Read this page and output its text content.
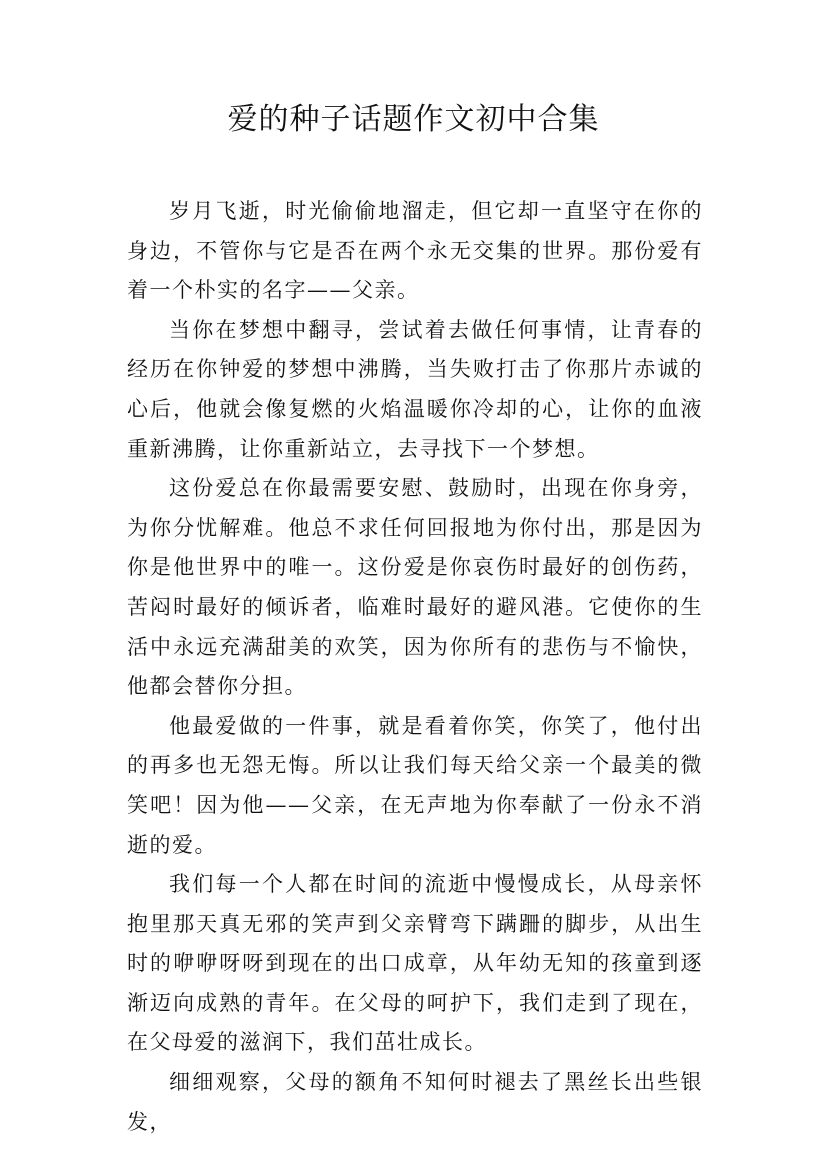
爱的种子话题作文初中合集

岁月飞逝，时光偷偷地溜走，但它却一直坚守在你的身边，不管你与它是否在两个永无交集的世界。那份爱有着一个朴实的名字——父亲。

当你在梦想中翻寻，尝试着去做任何事情，让青春的经历在你钟爱的梦想中沸腾，当失败打击了你那片赤诚的心后，他就会像复燃的火焰温暖你冷却的心，让你的血液重新沸腾，让你重新站立，去寻找下一个梦想。

这份爱总在你最需要安慰、鼓励时，出现在你身旁，为你分忧解难。他总不求任何回报地为你付出，那是因为你是他世界中的唯一。这份爱是你哀伤时最好的创伤药，苦闷时最好的倾诉者，临难时最好的避风港。它使你的生活中永远充满甜美的欢笑，因为你所有的悲伤与不愉快，他都会替你分担。

他最爱做的一件事，就是看着你笑，你笑了，他付出的再多也无怨无悔。所以让我们每天给父亲一个最美的微笑吧！因为他——父亲，在无声地为你奉献了一份永不消逝的爱。

我们每一个人都在时间的流逝中慢慢成长，从母亲怀抱里那天真无邪的笑声到父亲臂弯下蹒跚的脚步，从出生时的咿咿呀呀到现在的出口成章，从年幼无知的孩童到逐渐迈向成熟的青年。在父母的呵护下，我们走到了现在，在父母爱的滋润下，我们茁壮成长。

细细观察，父母的额角不知何时褪去了黑丝长出些银发，
